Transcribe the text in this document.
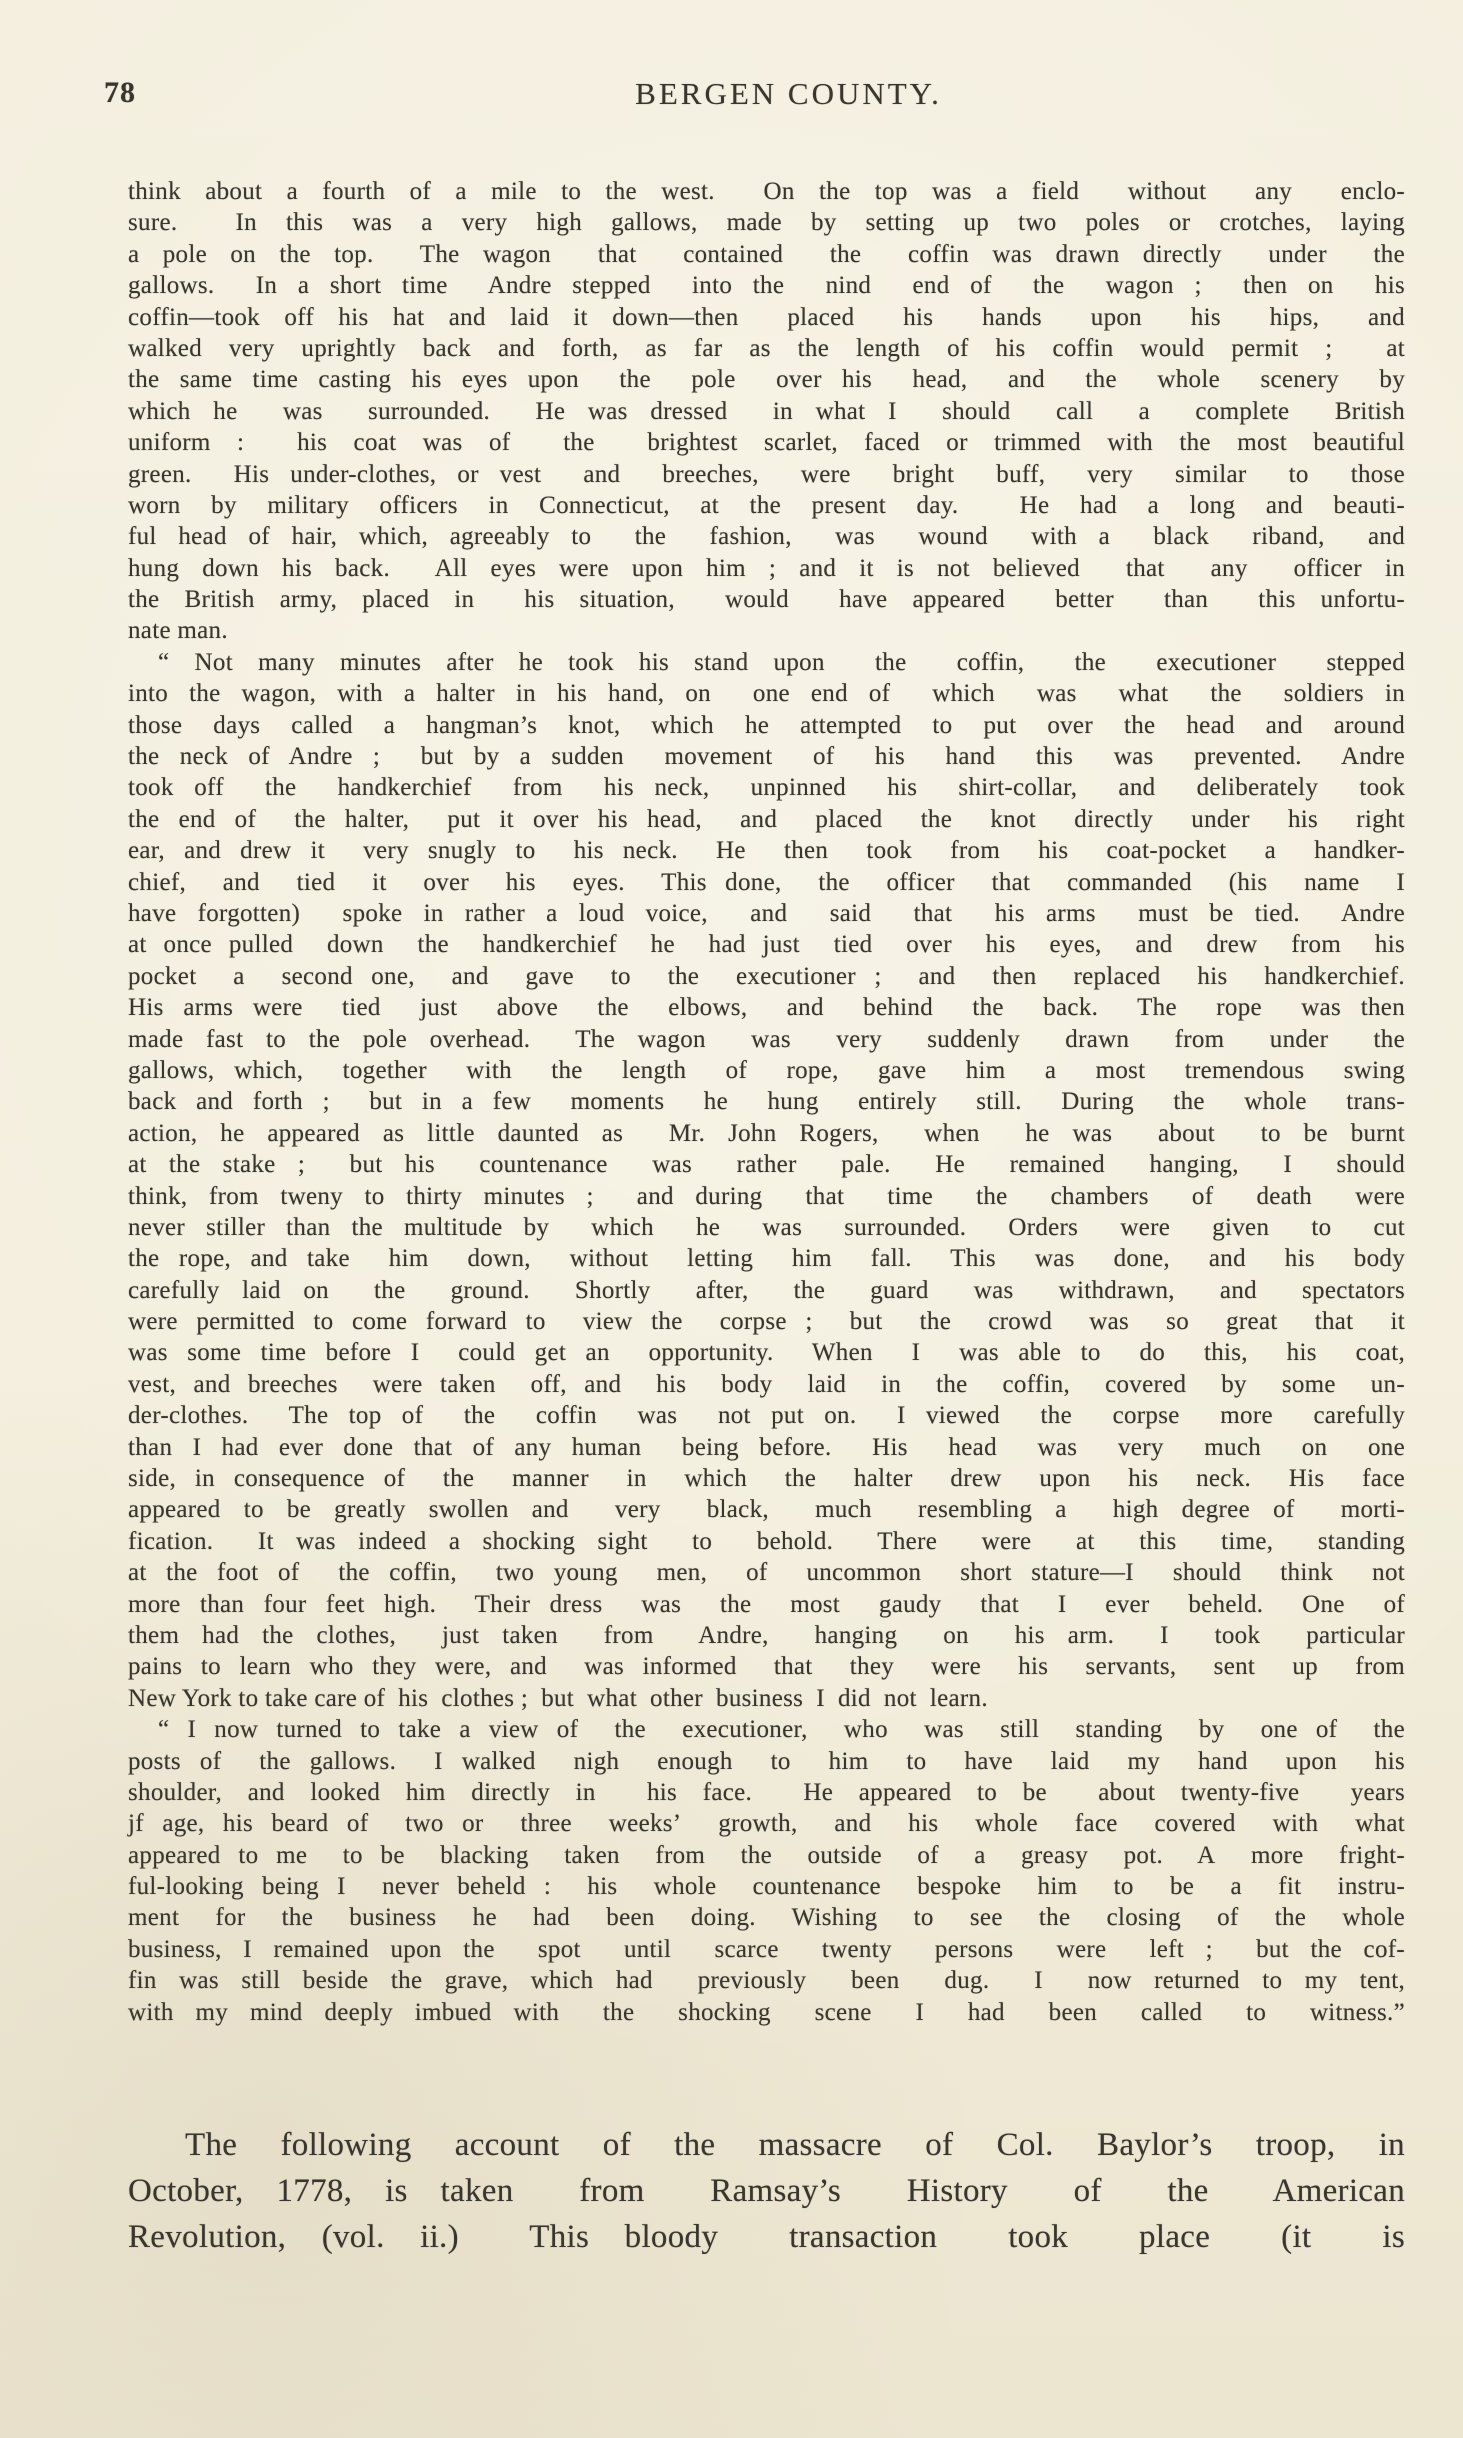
78	BERGEN COUNTY.
think about a fourth of a mile to the west.  On the top was a field  without  any  enclo-
sure.  In this was a very high gallows, made by setting up two poles or crotches, laying
a pole on the top.  The wagon  that  contained  the  coffin was drawn directly  under  the
gallows.  In a short time  Andre stepped  into the  nind  end of  the  wagon ;  then on  his
coffin—took off his hat and laid it down—then  placed  his  hands  upon  his  hips,  and
walked very uprightly back and forth, as far as the length of his coffin would permit ;  at
the same time casting his eyes upon  the  pole  over his  head,  and  the  whole  scenery  by
which he  was  surrounded.  He was dressed  in what I  should  call  a  complete  British
uniform :  his coat was of  the  brightest scarlet, faced or trimmed with the most beautiful
green.  His under-clothes, or vest  and  breeches,  were  bright  buff,  very  similar  to  those
worn by military officers in Connecticut, at the present day.  He had a long and beauti-
ful head of hair, which, agreeably to  the  fashion,  was  wound  with a  black  riband,  and
hung down his back.  All eyes were upon him ; and it is not believed  that  any  officer in
the British army, placed in  his situation,  would  have appeared  better  than  this unfortu-
nate man.
“ Not many minutes after he took his stand upon  the  coffin,  the  executioner  stepped
into the wagon, with a halter in his hand, on  one end of  which  was  what  the  soldiers in
those days called a hangman’s knot, which he attempted to put over the head and around
the neck of Andre ;  but by a sudden  movement  of  his  hand  this  was  prevented.  Andre
took off  the  handkerchief  from  his neck,  unpinned  his  shirt-collar,  and  deliberately  took
the end of  the halter,  put it over his head,  and  placed  the  knot  directly  under  his  right
ear, and drew it  very snugly to  his neck.  He  then  took  from  his  coat-pocket  a  handker-
chief,  and  tied  it  over  his  eyes.  This done,  the  officer  that  commanded  (his  name  I
have forgotten)  spoke in rather a loud voice,  and  said  that  his arms  must be tied.  Andre
at once pulled  down  the  handkerchief  he  had just  tied  over  his  eyes,  and  drew  from  his
pocket  a  second one,  and  gave  to  the  executioner ;  and  then  replaced  his  handkerchief.
His arms were  tied  just  above  the  elbows,  and  behind  the  back.  The  rope  was then
made fast to the pole overhead.  The wagon  was  very  suddenly  drawn  from  under  the
gallows, which,  together  with  the  length  of  rope,  gave  him  a  most  tremendous  swing
back and forth ;  but in a few  moments  he  hung  entirely  still.  During  the  whole  trans-
action, he appeared as little daunted as  Mr. John Rogers,  when  he was  about  to be burnt
at the stake ;  but his  countenance  was  rather  pale.  He  remained  hanging,  I  should
think, from tweny to thirty minutes ;  and during  that  time  the  chambers  of  death  were
never stiller than the multitude by  which  he  was  surrounded.  Orders  were  given  to  cut
the rope, and take  him  down,  without  letting  him  fall.  This  was  done,  and  his  body
carefully laid on  the  ground.  Shortly  after,  the  guard  was  withdrawn,  and  spectators
were permitted to come forward to  view the  corpse ;  but  the  crowd  was  so  great  that  it
was some time before I  could get an  opportunity.  When  I  was able to  do  this,  his  coat,
vest, and breeches  were taken  off, and  his  body  laid  in  the  coffin,  covered  by  some  un-
der-clothes.  The top of  the  coffin  was  not put on.  I viewed  the  corpse  more  carefully
than I had ever done that of any human  being before.  His  head  was  very  much  on  one
side, in consequence of  the  manner  in  which  the  halter  drew  upon  his  neck.  His  face
appeared to be greatly swollen and  very  black,  much  resembling a  high degree of  morti-
fication.  It was indeed a shocking sight  to  behold.  There  were  at  this  time,  standing
at the foot of  the coffin,  two young  men,  of  uncommon  short stature—I  should  think  not
more than four feet high.  Their dress  was  the  most  gaudy  that  I  ever  beheld.  One  of
them had the clothes,  just taken  from  Andre,  hanging  on  his arm.  I  took  particular
pains to learn who they were, and  was informed  that  they  were  his  servants,  sent  up  from
New York to take care of  his  clothes ;  but  what  other  business  I  did  not  learn.
“ I now turned to take a view of  the  executioner,  who  was  still  standing  by  one of  the
posts of  the gallows.  I walked  nigh  enough  to  him  to  have  laid  my  hand  upon  his
shoulder, and looked him directly in  his face.  He appeared to be  about twenty-five  years
jf age, his beard of  two or  three  weeks’  growth,  and  his  whole  face  covered  with  what
appeared to me  to be  blacking  taken  from  the  outside  of  a  greasy  pot.  A  more  fright-
ful-looking being I  never beheld :  his  whole  countenance  bespoke  him  to  be  a  fit  instru-
ment  for  the  business  he  had  been  doing.  Wishing  to  see  the  closing  of  the  whole
business, I remained upon the  spot  until  scarce  twenty  persons  were  left ;  but the cof-
fin was still beside the grave, which had  previously  been  dug.  I  now returned to my tent,
with my mind deeply imbued with  the  shocking  scene  I  had  been  called  to  witness.”
The following account of the massacre of Col. Baylor’s troop, in
October, 1778, is taken  from  Ramsay’s  History  of  the  American
Revolution, (vol. ii.)  This bloody  transaction  took  place  (it  is
